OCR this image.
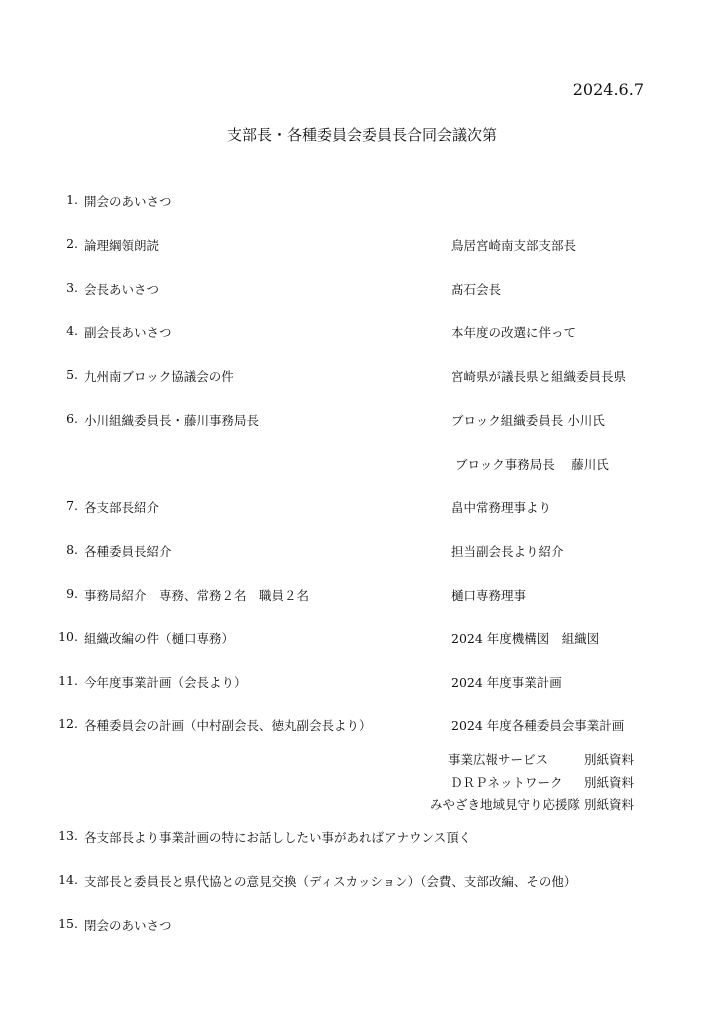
2024.6.7
支部長・各種委員会委員長合同会議次第
1. 開会のあいさつ
2. 論理綱領朗読	鳥居宮崎南支部支部長
3. 会長あいさつ	髙石会長
4. 副会長あいさつ	本年度の改選に伴って
5. 九州南ブロック協議会の件	宮崎県が議長県と組織委員長県
6. 小川組織委員長・藤川事務局長	ブロック組織委員長 小川氏
ブロック事務局長　 藤川氏
7. 各支部長紹介	畠中常務理事より
8. 各種委員長紹介	担当副会長より紹介
9. 事務局紹介　専務、常務２名　職員２名	樋口専務理事
10. 組織改編の件（樋口専務）	2024 年度機構図　組織図
11. 今年度事業計画（会長より）	2024 年度事業計画
12. 各種委員会の計画（中村副会長、徳丸副会長より）	2024 年度各種委員会事業計画
事業広報サービス	別紙資料
ＤＲＰネットワーク 別紙資料
みやざき地域見守り応援隊 別紙資料
13. 各支部長より事業計画の特にお話ししたい事があればアナウンス頂く
14. 支部長と委員長と県代協との意見交換（ディスカッション）（会費、支部改編、その他）
15. 閉会のあいさつ
